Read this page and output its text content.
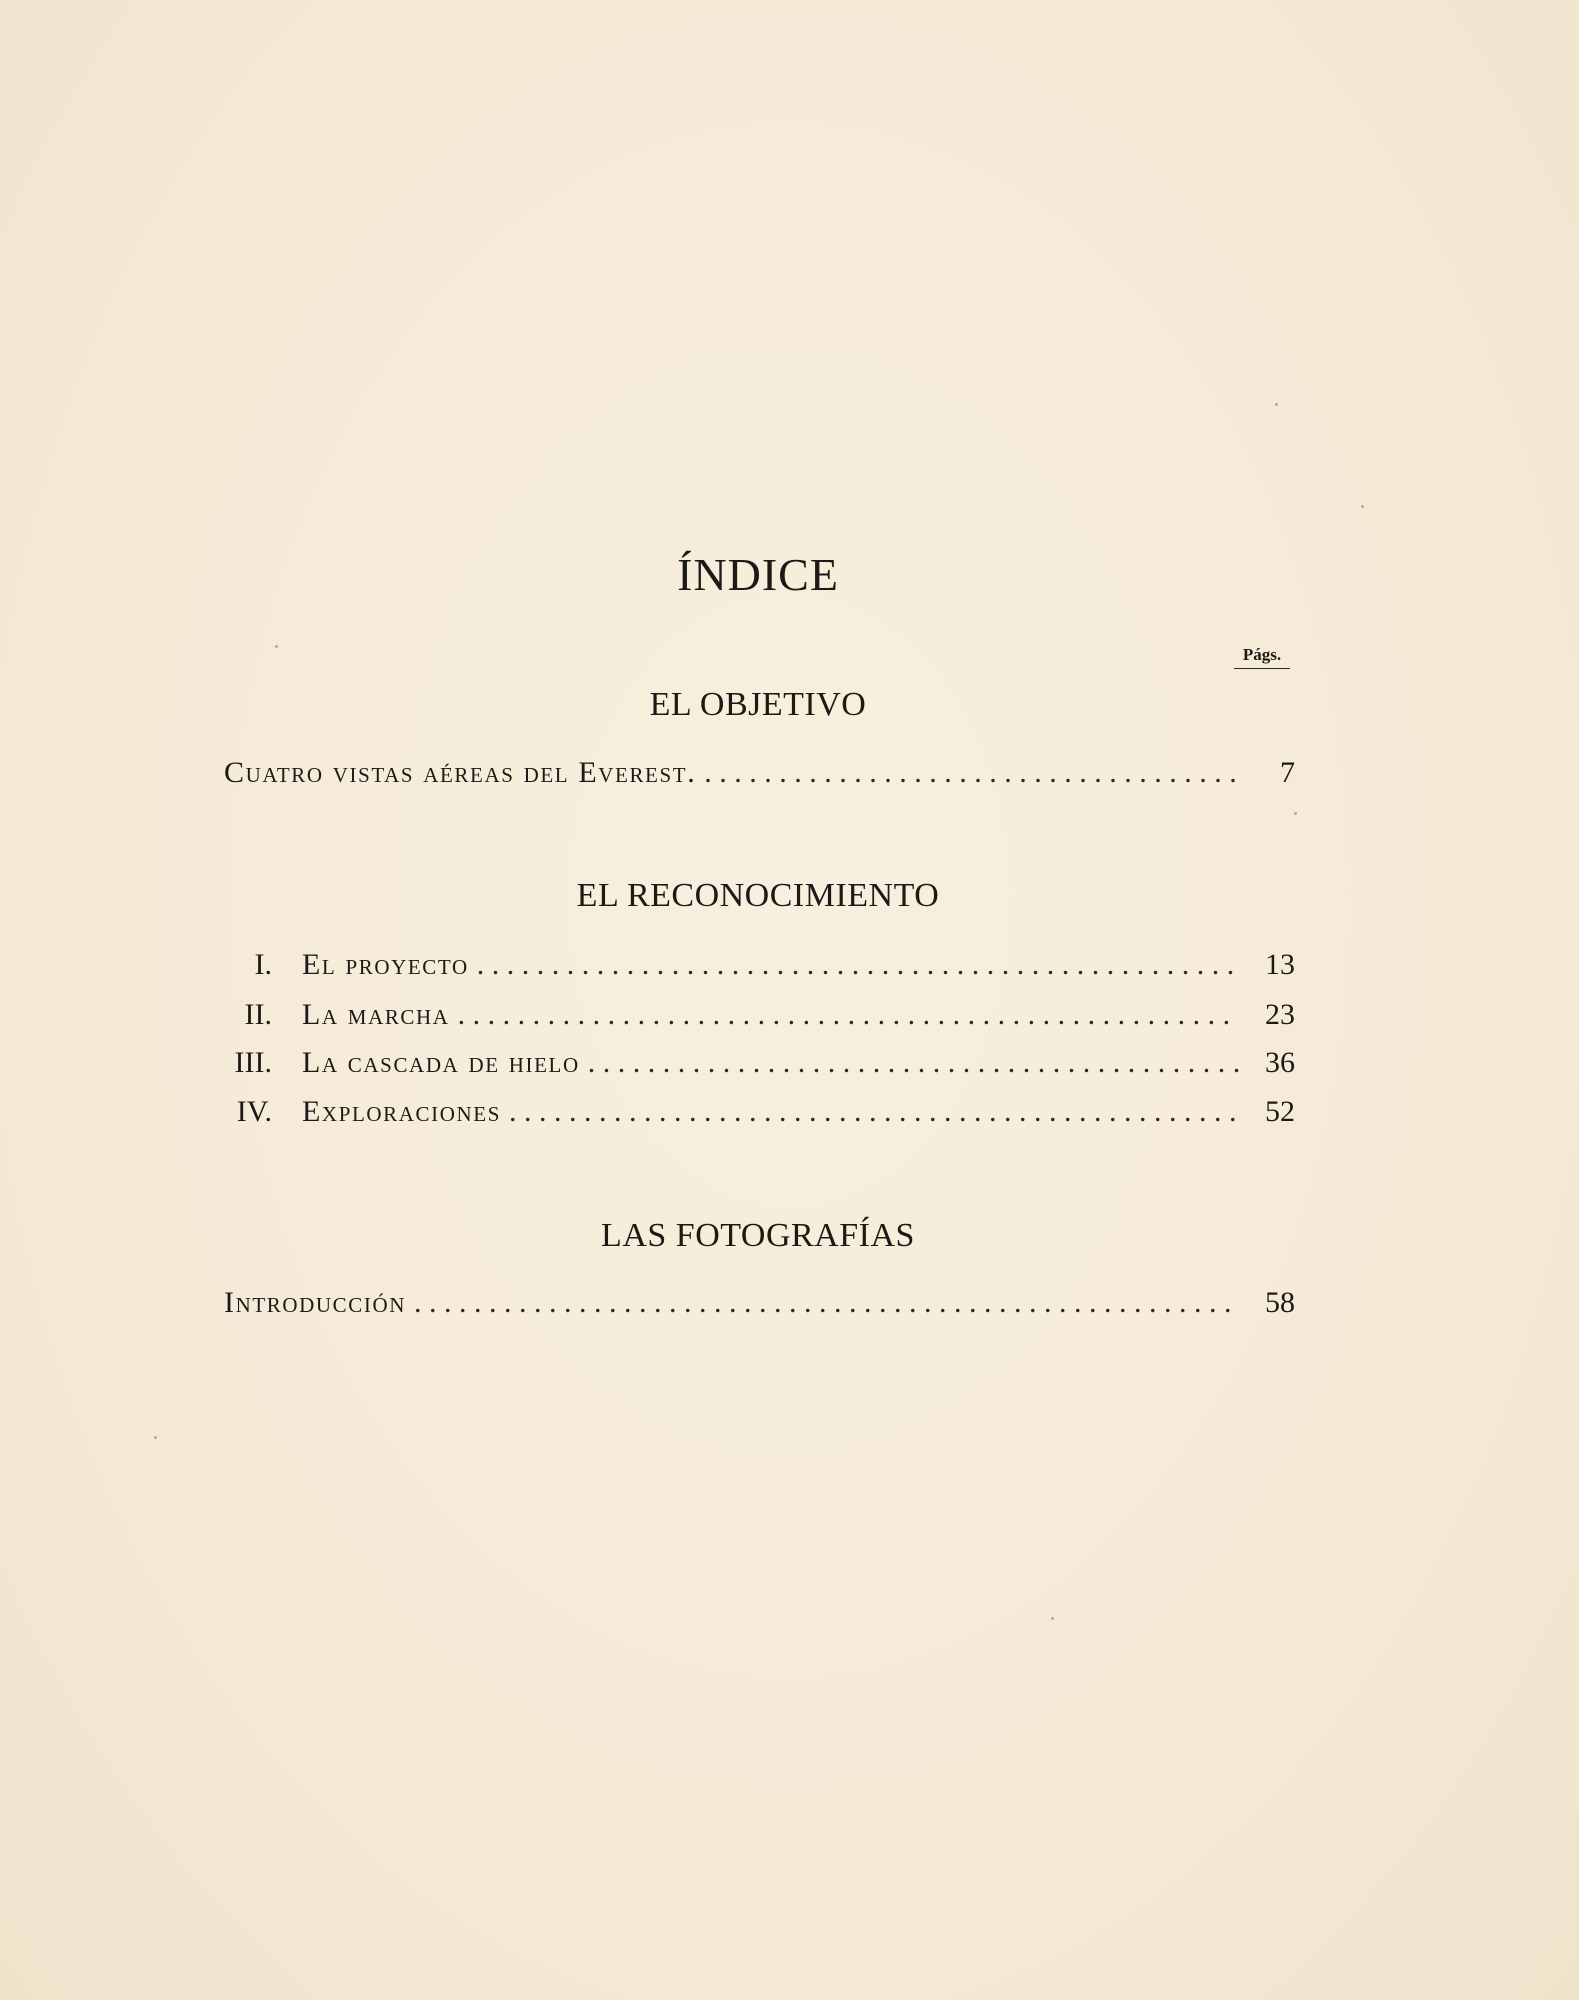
ÍNDICE
Págs.
EL OBJETIVO
Cuatro vistas aéreas del Everest. . . .	7
EL RECONOCIMIENTO
I. El proyecto . . .	13
II. La marcha . . .	23
III. La cascada de hielo . . .	36
IV. Exploraciones . . .	52
LAS FOTOGRAFÍAS
Introducción . . .	58
